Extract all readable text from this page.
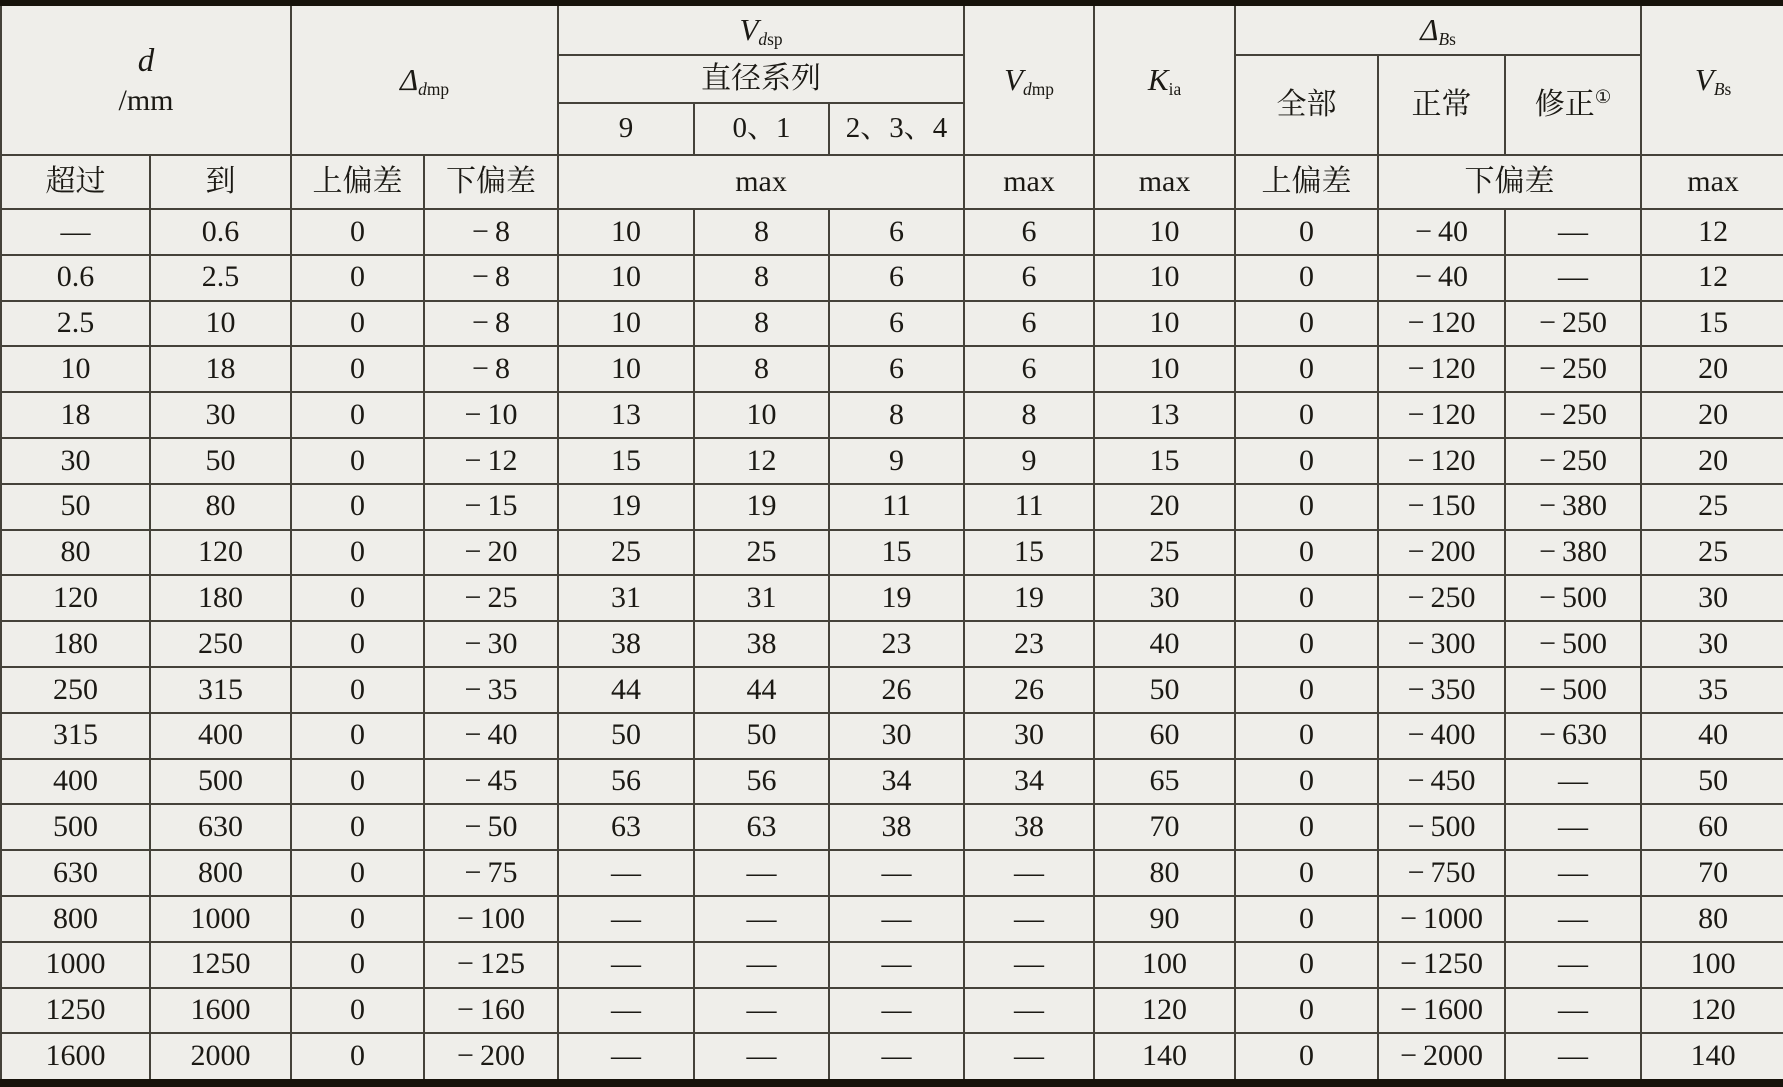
d
/mm		$\Delta_{dmp}$		$V_{dsp}$			$V_{dmp}$	$K_{ia}$	$\Delta_{Bs}$			$V_{Bs}$
				直径系列					全部	正常	修正①
				9	0、1	2、3、4						
超过	到	上偏差	下偏差	max			max	max	上偏差	下偏差		max
—	0.6	0	− 8	10	8	6	6	10	0	− 40	—	12
0.6	2.5	0	− 8	10	8	6	6	10	0	− 40	—	12
2.5	10	0	− 8	10	8	6	6	10	0	− 120	− 250	15
10	18	0	− 8	10	8	6	6	10	0	− 120	− 250	20
18	30	0	− 10	13	10	8	8	13	0	− 120	− 250	20
30	50	0	− 12	15	12	9	9	15	0	− 120	− 250	20
50	80	0	− 15	19	19	11	11	20	0	− 150	− 380	25
80	120	0	− 20	25	25	15	15	25	0	− 200	− 380	25
120	180	0	− 25	31	31	19	19	30	0	− 250	− 500	30
180	250	0	− 30	38	38	23	23	40	0	− 300	− 500	30
250	315	0	− 35	44	44	26	26	50	0	− 350	− 500	35
315	400	0	− 40	50	50	30	30	60	0	− 400	− 630	40
400	500	0	− 45	56	56	34	34	65	0	− 450	—	50
500	630	0	− 50	63	63	38	38	70	0	− 500	—	60
630	800	0	− 75	—	—	—	—	80	0	− 750	—	70
800	1000	0	− 100	—	—	—	—	90	0	− 1000	—	80
1000	1250	0	− 125	—	—	—	—	100	0	− 1250	—	100
1250	1600	0	− 160	—	—	—	—	120	0	− 1600	—	120
1600	2000	0	− 200	—	—	—	—	140	0	− 2000	—	140
